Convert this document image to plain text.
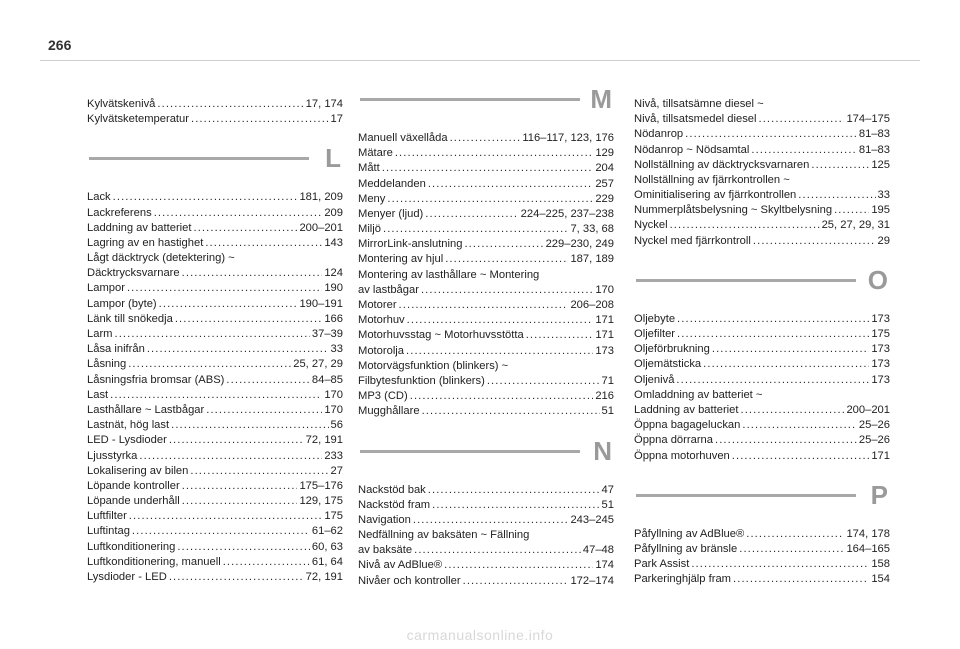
266
Kylvätskenivå . . .	17, 174
Kylvätsketemperatur . . .	17
L
Lack . . .	181, 209
Lackreferens . . .	209
Laddning av batteriet . . .	200–201
Lagring av en hastighet . . .	143
Lågt däcktryck (detektering) ~
Däcktrycksvarnare . . .	124
Lampor . . .	190
Lampor (byte) . . .	190–191
Länk till snökedja . . .	166
Larm . . .	37–39
Låsa inifrån . . .	33
Låsning . . .	25, 27, 29
Låsningsfria bromsar (ABS) . . .	84–85
Last . . .	170
Lasthållare ~ Lastbågar . . .	170
Lastnät, hög last . . .	56
LED - Lysdioder . . .	72, 191
Ljusstyrka . . .	233
Lokalisering av bilen . . .	27
Löpande kontroller . . .	175–176
Löpande underhåll . . .	129, 175
Luftfilter . . .	175
Luftintag . . .	61–62
Luftkonditionering . . .	60, 63
Luftkonditionering, manuell . . .	61, 64
Lysdioder - LED . . .	72, 191
M
Manuell växellåda . . .	116–117, 123, 176
Mätare . . .	129
Mått . . .	204
Meddelanden . . .	257
Meny . . .	229
Menyer (ljud) . . .	224–225, 237–238
Miljö . . .	7, 33, 68
MirrorLink-anslutning . . .	229–230, 249
Montering av hjul . . .	187, 189
Montering av lasthållare ~ Montering
av lastbågar . . .	170
Motorer . . .	206–208
Motorhuv . . .	171
Motorhuvsstag ~ Motorhuvsstötta . . .	171
Motorolja . . .	173
Motorvägsfunktion (blinkers) ~
Filbytesfunktion (blinkers) . . .	71
MP3 (CD) . . .	216
Mugghållare . . .	51
N
Nackstöd bak . . .	47
Nackstöd fram . . .	51
Navigation . . .	243–245
Nedfällning av baksäten ~ Fällning
av baksäte . . .	47–48
Nivå av AdBlue® . . .	174
Nivåer och kontroller . . .	172–174
Nivå, tillsatsämne diesel ~
Nivå, tillsatsmedel diesel . . .	174–175
Nödanrop . . .	81–83
Nödanrop ~ Nödsamtal . . .	81–83
Nollställning av däcktrycksvarnaren . . .	125
Nollställning av fjärrkontrollen ~
Ominitialisering av fjärrkontrollen . . .	33
Nummerplåtsbelysning ~ Skyltbelysning . . .	195
Nyckel . . .	25, 27, 29, 31
Nyckel med fjärrkontroll . . .	29
O
Oljebyte . . .	173
Oljefilter . . .	175
Oljeförbrukning . . .	173
Oljemätsticka . . .	173
Oljenivå . . .	173
Omladdning av batteriet ~
Laddning av batteriet . . .	200–201
Öppna bagageluckan . . .	25–26
Öppna dörrarna . . .	25–26
Öppna motorhuven . . .	171
P
Påfyllning av AdBlue® . . .	174, 178
Påfyllning av bränsle . . .	164–165
Park Assist . . .	158
Parkeringhjälp fram . . .	154
carmanualsonline.info
